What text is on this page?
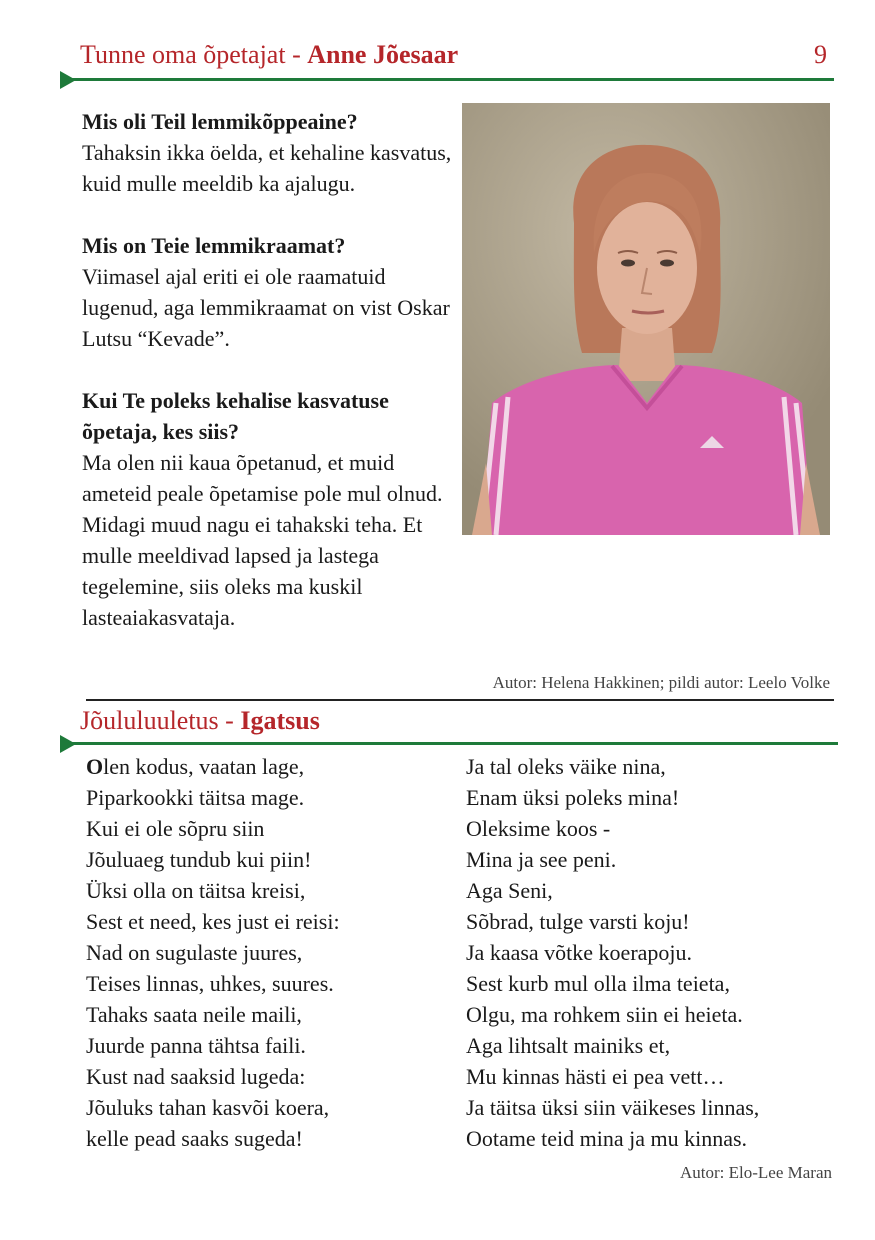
Tunne oma õpetajat - Anne Jõesaar	9

Mis oli Teil lemmikõppeaine?
Tahaksin ikka öelda, et kehaline kasvatus, kuid mulle meeldib ka ajalugu.

Mis on Teie lemmikraamat?
Viimasel ajal eriti ei ole raamatuid lugenud, aga lemmikraamat on vist Oskar Lutsu “Kevade”.

Kui Te poleks kehalise kasvatuse õpetaja, kes siis?
Ma olen nii kaua õpetanud, et muid ameteid peale õpetamise pole mul olnud. Midagi muud nagu ei tahakski teha. Et mulle meeldivad lapsed ja lastega tegelemine, siis oleks ma kuskil lasteaiakasvataja.

Autor: Helena Hakkinen; pildi autor: Leelo Volke
Jõululuuletus - Igatsus
Olen kodus, vaatan lage,
Piparkookki täitsa mage.
Kui ei ole sõpru siin
Jõuluaeg tundub kui piin!
Üksi olla on täitsa kreisi,
Sest et need, kes just ei reisi:
Nad on sugulaste juures,
Teises linnas, uhkes, suures.
Tahaks saata neile maili,
Juurde panna tähtsa faili.
Kust nad saaksid lugeda:
Jõuluks tahan kasvõi koera,
kelle pead saaks sugeda!
Ja tal oleks väike nina,
Enam üksi poleks mina!
Oleksime koos -
Mina ja see peni.
Aga Seni,
Sõbrad, tulge varsti koju!
Ja kaasa võtke koerapoju.
Sest kurb mul olla ilma teieta,
Olgu, ma rohkem siin ei heieta.
Aga lihtsalt mainiks et,
Mu kinnas hästi ei pea vett…
Ja täitsa üksi siin väikeses linnas,
Ootame teid mina ja mu kinnas.
Autor: Elo-Lee Maran
